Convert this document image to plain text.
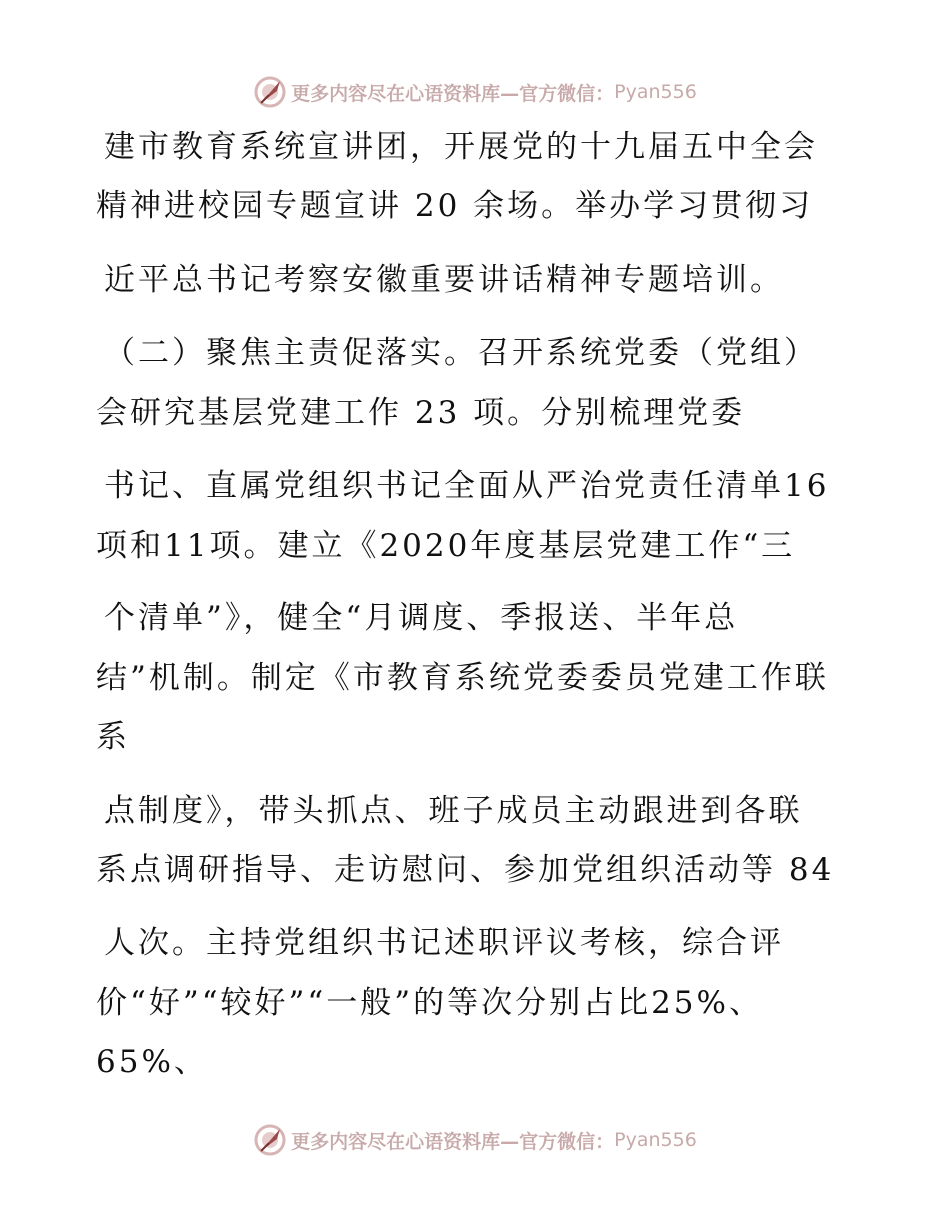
更多内容尽在心语资料库—官方微信： Pyan556
建市教育系统宣讲团，开展党的十九届五中全会
精神进校园专题宣讲 20 余场。举办学习贯彻习
近平总书记考察安徽重要讲话精神专题培训。
（二）聚焦主责促落实。召开系统党委（党组）
会研究基层党建工作 23 项。分别梳理党委
书记、直属党组织书记全面从严治党责任清单16
项和11项。建立《2020年度基层党建工作“三
个清单”》，健全“月调度、季报送、半年总
结”机制。制定《市教育系统党委委员党建工作联
系
点制度》，带头抓点、班子成员主动跟进到各联
系点调研指导、走访慰问、参加党组织活动等 84
人次。主持党组织书记述职评议考核，综合评
价“好”“较好”“一般”的等次分别占比25%、
65%、
更多内容尽在心语资料库—官方微信： Pyan556
